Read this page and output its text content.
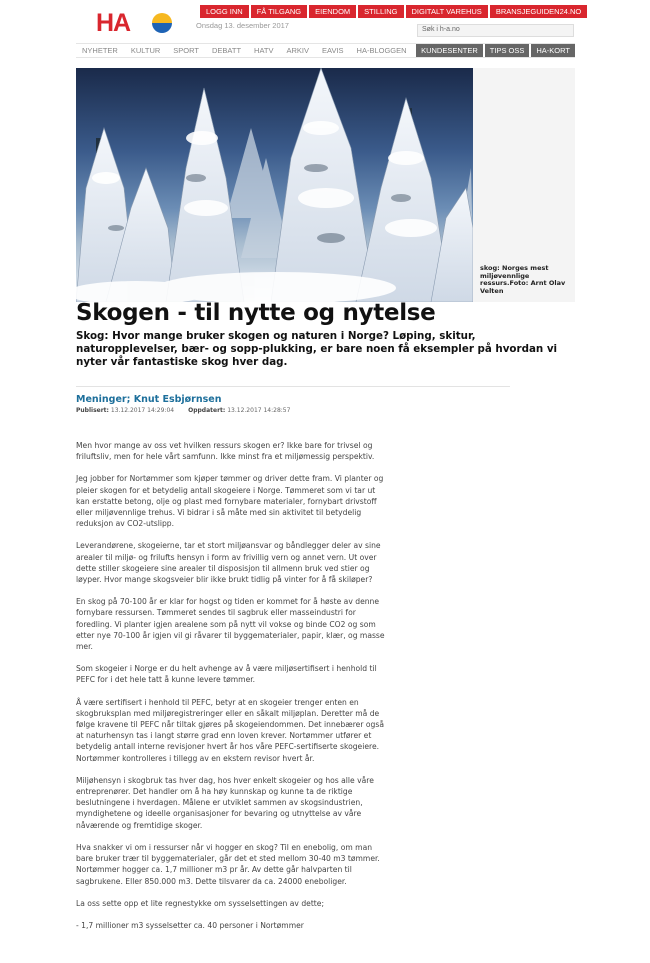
HA	Onsdag 13. desember 2017
LOGG INN	FÅ TILGANG	EIENDOM	STILLING	DIGITALT VAREHUS	BRANSJEGUIDEN24.NO
Søk i h-a.no
NYHETER KULTUR SPORT DEBATT HATV ARKIV EAVIS HA-BLOGGEN	KUNDESENTER	TIPS OSS	HA-KORT
skog: Norges mest miljøvennlige ressurs.Foto: Arnt Olav Velten
Skogen - til nytte og nytelse

Skog: Hvor mange bruker skogen og naturen i Norge? Løping, skitur, naturopplevelser, bær- og sopp-plukking, er bare noen få eksempler på hvordan vi nyter vår fantastiske skog hver dag.

Meninger; Knut Esbjørnsen
Publisert: 13.12.2017 14:29:04 Oppdatert: 13.12.2017 14:28:57

Men hvor mange av oss vet hvilken ressurs skogen er? Ikke bare for trivsel og friluftsliv, men for hele vårt samfunn. Ikke minst fra et miljømessig perspektiv.

Jeg jobber for Nortømmer som kjøper tømmer og driver dette fram. Vi planter og pleier skogen for et betydelig antall skogeiere i Norge. Tømmeret som vi tar ut kan erstatte betong, olje og plast med fornybare materialer, fornybart drivstoff eller miljøvennlige trehus. Vi bidrar i så måte med sin aktivitet til betydelig reduksjon av CO2-utslipp.

Leverandørene, skogeierne, tar et stort miljøansvar og båndlegger deler av sine arealer til miljø- og frilufts hensyn i form av frivillig vern og annet vern. Ut over dette stiller skogeiere sine arealer til disposisjon til allmenn bruk ved stier og løyper. Hvor mange skogsveier blir ikke brukt tidlig på vinter for å få skiløper?

En skog på 70-100 år er klar for hogst og tiden er kommet for å høste av denne fornybare ressursen. Tømmeret sendes til sagbruk eller masseindustri for foredling. Vi planter igjen arealene som på nytt vil vokse og binde CO2 og som etter nye 70-100 år igjen vil gi råvarer til byggematerialer, papir, klær, og masse mer.

Som skogeier i Norge er du helt avhenge av å være miljøsertifisert i henhold til PEFC for i det hele tatt å kunne levere tømmer.

Å være sertifisert i henhold til PEFC, betyr at en skogeier trenger enten en skogbruksplan med miljøregistreringer eller en såkalt miljøplan. Deretter må de følge kravene til PEFC når tiltak gjøres på skogeiendommen. Det innebærer også at naturhensyn tas i langt større grad enn loven krever. Nortømmer utfører et betydelig antall interne revisjoner hvert år hos våre PEFC-sertifiserte skogeiere. Nortømmer kontrolleres i tillegg av en ekstern revisor hvert år.

Miljøhensyn i skogbruk tas hver dag, hos hver enkelt skogeier og hos alle våre entreprenører. Det handler om å ha høy kunnskap og kunne ta de riktige beslutningene i hverdagen. Målene er utviklet sammen av skogsindustrien, myndighetene og ideelle organisasjoner for bevaring og utnyttelse av våre nåværende og fremtidige skoger.

Hva snakker vi om i ressurser når vi hogger en skog? Til en enebolig, om man bare bruker trær til byggematerialer, går det et sted mellom 30-40 m3 tømmer. Nortømmer hogger ca. 1,7 millioner m3 pr år. Av dette går halvparten til sagbrukene. Eller 850.000 m3. Dette tilsvarer da ca. 24000 eneboliger.

La oss sette opp et lite regnestykke om sysselsettingen av dette;

- 1,7 millioner m3 sysselsetter ca. 40 personer i Nortømmer
